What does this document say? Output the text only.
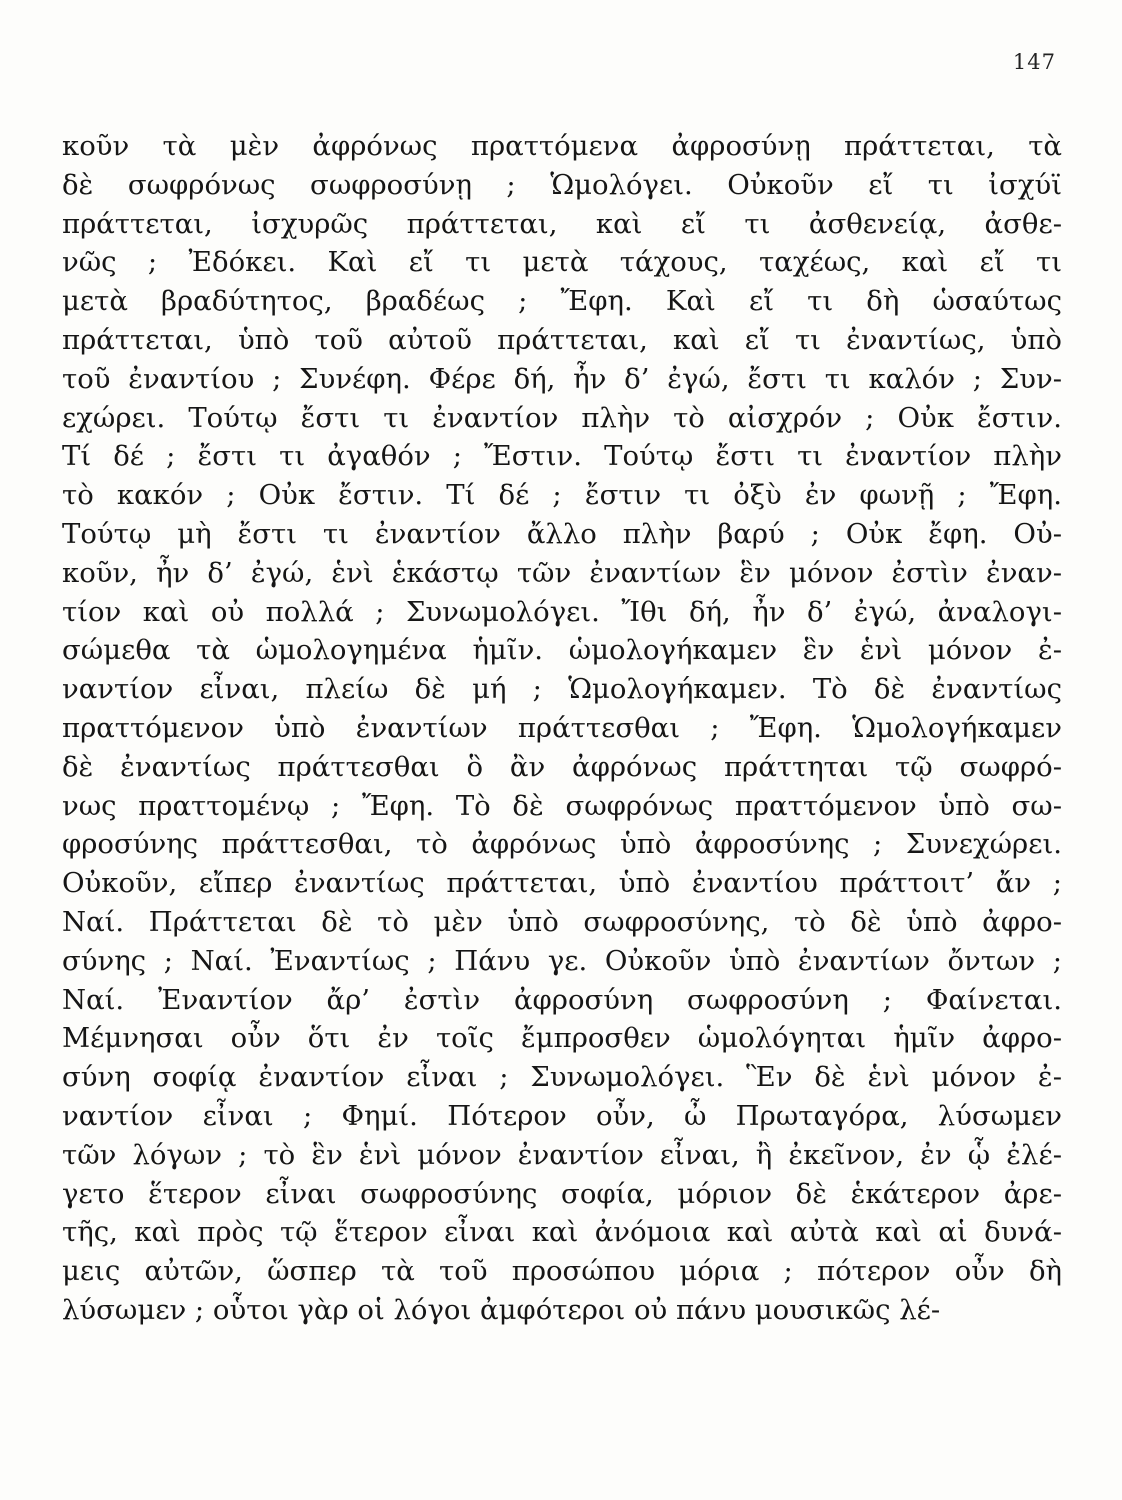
147
κοῦν τὰ μὲν ἀφρόνως πραττόμενα ἀφροσύνῃ πράττεται, τὰ
δὲ σωφρόνως σωφροσύνῃ ; Ὡμολόγει. Οὐκοῦν εἴ τι ἰσχύϊ
πράττεται, ἰσχυρῶς πράττεται, καὶ εἴ τι ἀσθενείᾳ, ἀσθε-
νῶς ; Ἐδόκει. Καὶ εἴ τι μετὰ τάχους, ταχέως, καὶ εἴ τι
μετὰ βραδύτητος, βραδέως ; Ἔφη. Καὶ εἴ τι δὴ ὡσαύτως
πράττεται, ὑπὸ τοῦ αὐτοῦ πράττεται, καὶ εἴ τι ἐναντίως, ὑπὸ
τοῦ ἐναντίου ; Συνέφη. Φέρε δή, ἦν δ’ ἐγώ, ἔστι τι καλόν ; Συν-
εχώρει. Τούτῳ ἔστι τι ἐναντίον πλὴν τὸ αἰσχρόν ; Οὐκ ἔστιν.
Τί δέ ; ἔστι τι ἀγαθόν ; Ἔστιν. Τούτῳ ἔστι τι ἐναντίον πλὴν
τὸ κακόν ; Οὐκ ἔστιν. Τί δέ ; ἔστιν τι ὀξὺ ἐν φωνῇ ; Ἔφη.
Τούτῳ μὴ ἔστι τι ἐναντίον ἄλλο πλὴν βαρύ ; Οὐκ ἔφη. Οὐ-
κοῦν, ἦν δ’ ἐγώ, ἑνὶ ἑκάστῳ τῶν ἐναντίων ἓν μόνον ἐστὶν ἐναν-
τίον καὶ οὐ πολλά ; Συνωμολόγει. Ἴθι δή, ἦν δ’ ἐγώ, ἀναλογι-
σώμεθα τὰ ὡμολογημένα ἡμῖν. ὡμολογήκαμεν ἓν ἑνὶ μόνον ἐ-
ναντίον εἶναι, πλείω δὲ μή ; Ὡμολογήκαμεν. Τὸ δὲ ἐναντίως
πραττόμενον ὑπὸ ἐναντίων πράττεσθαι ; Ἔφη. Ὡμολογήκαμεν
δὲ ἐναντίως πράττεσθαι ὃ ἂν ἀφρόνως πράττηται τῷ σωφρό-
νως πραττομένῳ ; Ἔφη. Τὸ δὲ σωφρόνως πραττόμενον ὑπὸ σω-
φροσύνης πράττεσθαι, τὸ ἀφρόνως ὑπὸ ἀφροσύνης ; Συνεχώρει.
Οὐκοῦν, εἴπερ ἐναντίως πράττεται, ὑπὸ ἐναντίου πράττοιτ’ ἄν ;
Ναί. Πράττεται δὲ τὸ μὲν ὑπὸ σωφροσύνης, τὸ δὲ ὑπὸ ἀφρο-
σύνης ; Ναί. Ἐναντίως ; Πάνυ γε. Οὐκοῦν ὑπὸ ἐναντίων ὄντων ;
Ναί. Ἐναντίον ἄρ’ ἐστὶν ἀφροσύνη σωφροσύνη ; Φαίνεται.
Μέμνησαι οὖν ὅτι ἐν τοῖς ἔμπροσθεν ὡμολόγηται ἡμῖν ἀφρο-
σύνη σοφίᾳ ἐναντίον εἶναι ; Συνωμολόγει. Ἓν δὲ ἑνὶ μόνον ἐ-
ναντίον εἶναι ; Φημί. Πότερον οὖν, ὦ Πρωταγόρα, λύσωμεν
τῶν λόγων ; τὸ ἓν ἑνὶ μόνον ἐναντίον εἶναι, ἢ ἐκεῖνον, ἐν ᾧ ἐλέ-
γετο ἕτερον εἶναι σωφροσύνης σοφία, μόριον δὲ ἑκάτερον ἀρε-
τῆς, καὶ πρὸς τῷ ἕτερον εἶναι καὶ ἀνόμοια καὶ αὐτὰ καὶ αἱ δυνά-
μεις αὐτῶν, ὥσπερ τὰ τοῦ προσώπου μόρια ; πότερον οὖν δὴ
λύσωμεν ; οὗτοι γὰρ οἱ λόγοι ἀμφότεροι οὐ πάνυ μουσικῶς λέ-
